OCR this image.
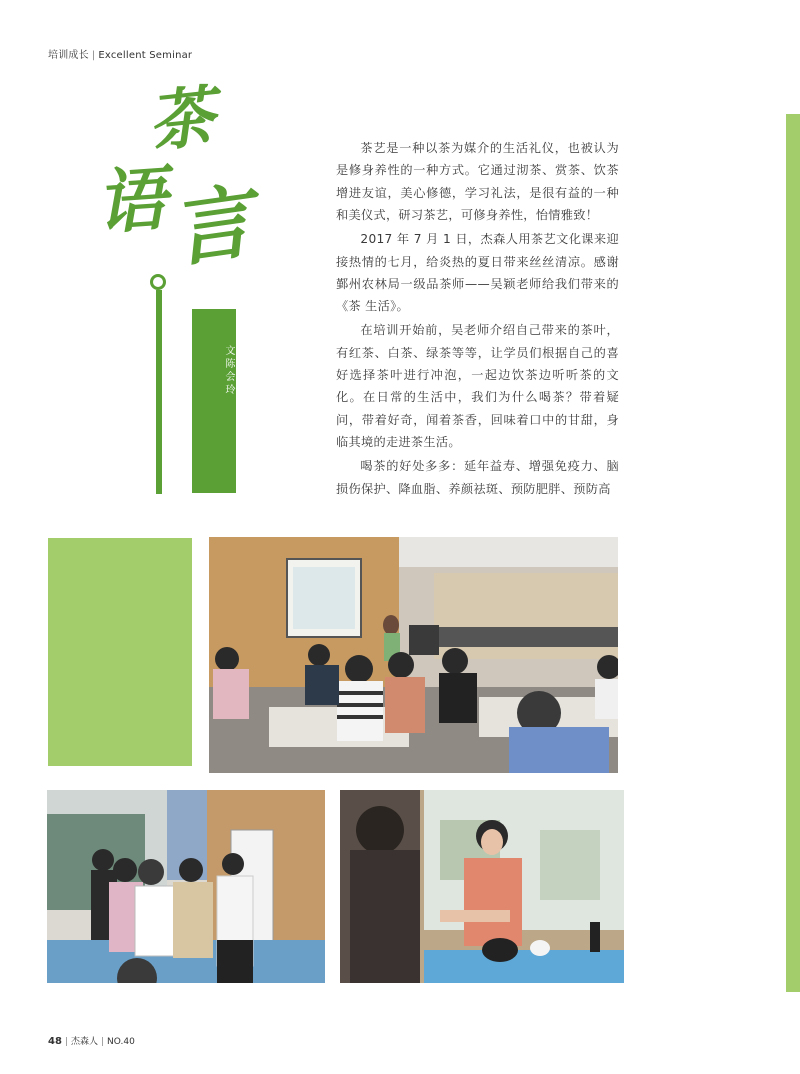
培训成长 | Excellent Seminar
茶
语
言
文
陈会玲

茶艺是一种以茶为媒介的生活礼仪，也被认为是修身养性的一种方式。它通过沏茶、赏茶、饮茶增进友谊，美心修德，学习礼法，是很有益的一种和美仪式，研习茶艺，可修身养性，怡情雅致！

2017 年 7 月 1 日，杰森人用茶艺文化课来迎接热情的七月，给炎热的夏日带来丝丝清凉。感谢鄞州农林局一级品茶师——吴颖老师给我们带来的《茶 生活》。

在培训开始前，吴老师介绍自己带来的茶叶，有红茶、白茶、绿茶等等，让学员们根据自己的喜好选择茶叶进行冲泡，一起边饮茶边听听茶的文化。在日常的生活中，我们为什么喝茶？带着疑问，带着好奇，闻着茶香，回味着口中的甘甜，身临其境的走进茶生活。

喝茶的好处多多：延年益寿、增强免疫力、脑损伤保护、降血脂、养颜祛斑、预防肥胖、预防高

48 | 杰森人 | NO.40
